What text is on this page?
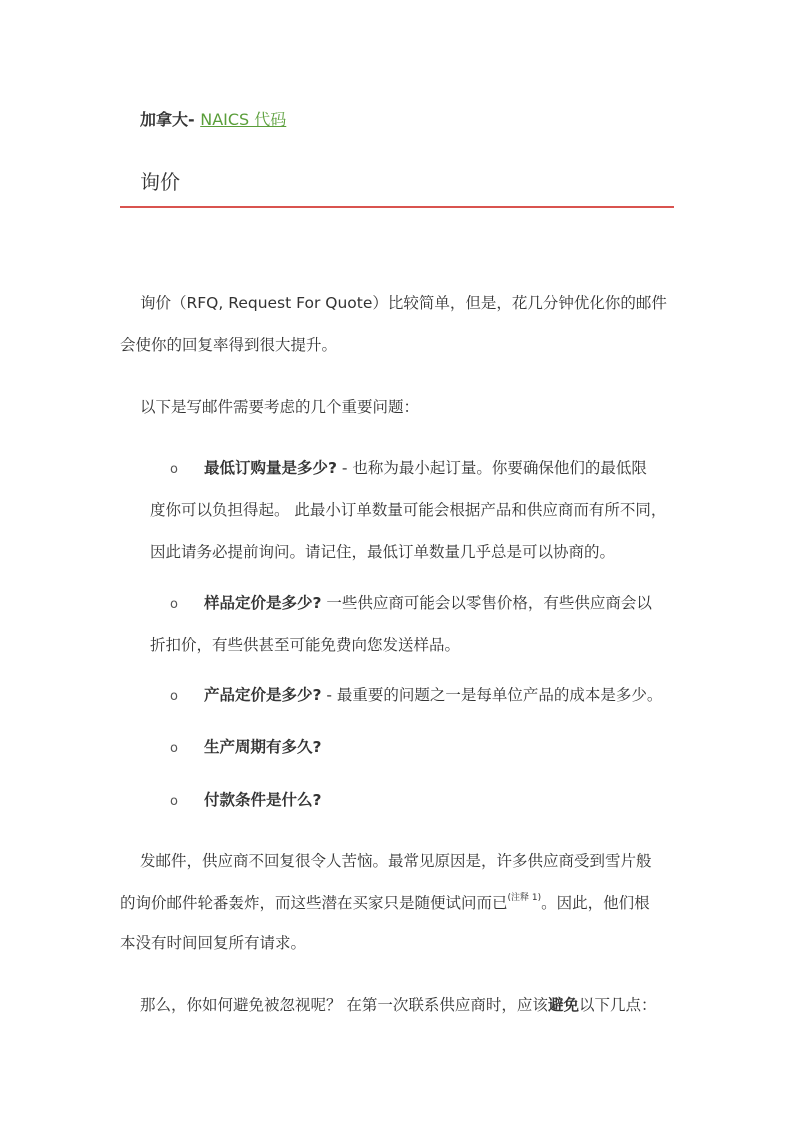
加拿大- NAICS 代码
询价
询价（RFQ, Request For Quote）比较简单，但是，花几分钟优化你的邮件
会使你的回复率得到很大提升。
以下是写邮件需要考虑的几个重要问题：
o 最低订购量是多少? - 也称为最小起订量。你要确保他们的最低限
度你可以负担得起。 此最小订单数量可能会根据产品和供应商而有所不同，
因此请务必提前询问。请记住，最低订单数量几乎总是可以协商的。
o 样品定价是多少? 一些供应商可能会以零售价格，有些供应商会以
折扣价，有些供甚至可能免费向您发送样品。
o 产品定价是多少? - 最重要的问题之一是每单位产品的成本是多少。
o 生产周期有多久?
o 付款条件是什么?
发邮件，供应商不回复很令人苦恼。最常见原因是，许多供应商受到雪片般
的询价邮件轮番轰炸，而这些潜在买家只是随便试问而已$^{(注释 1)}$。因此，他们根
本没有时间回复所有请求。
那么，你如何避免被忽视呢？ 在第一次联系供应商时，应该避免以下几点：
